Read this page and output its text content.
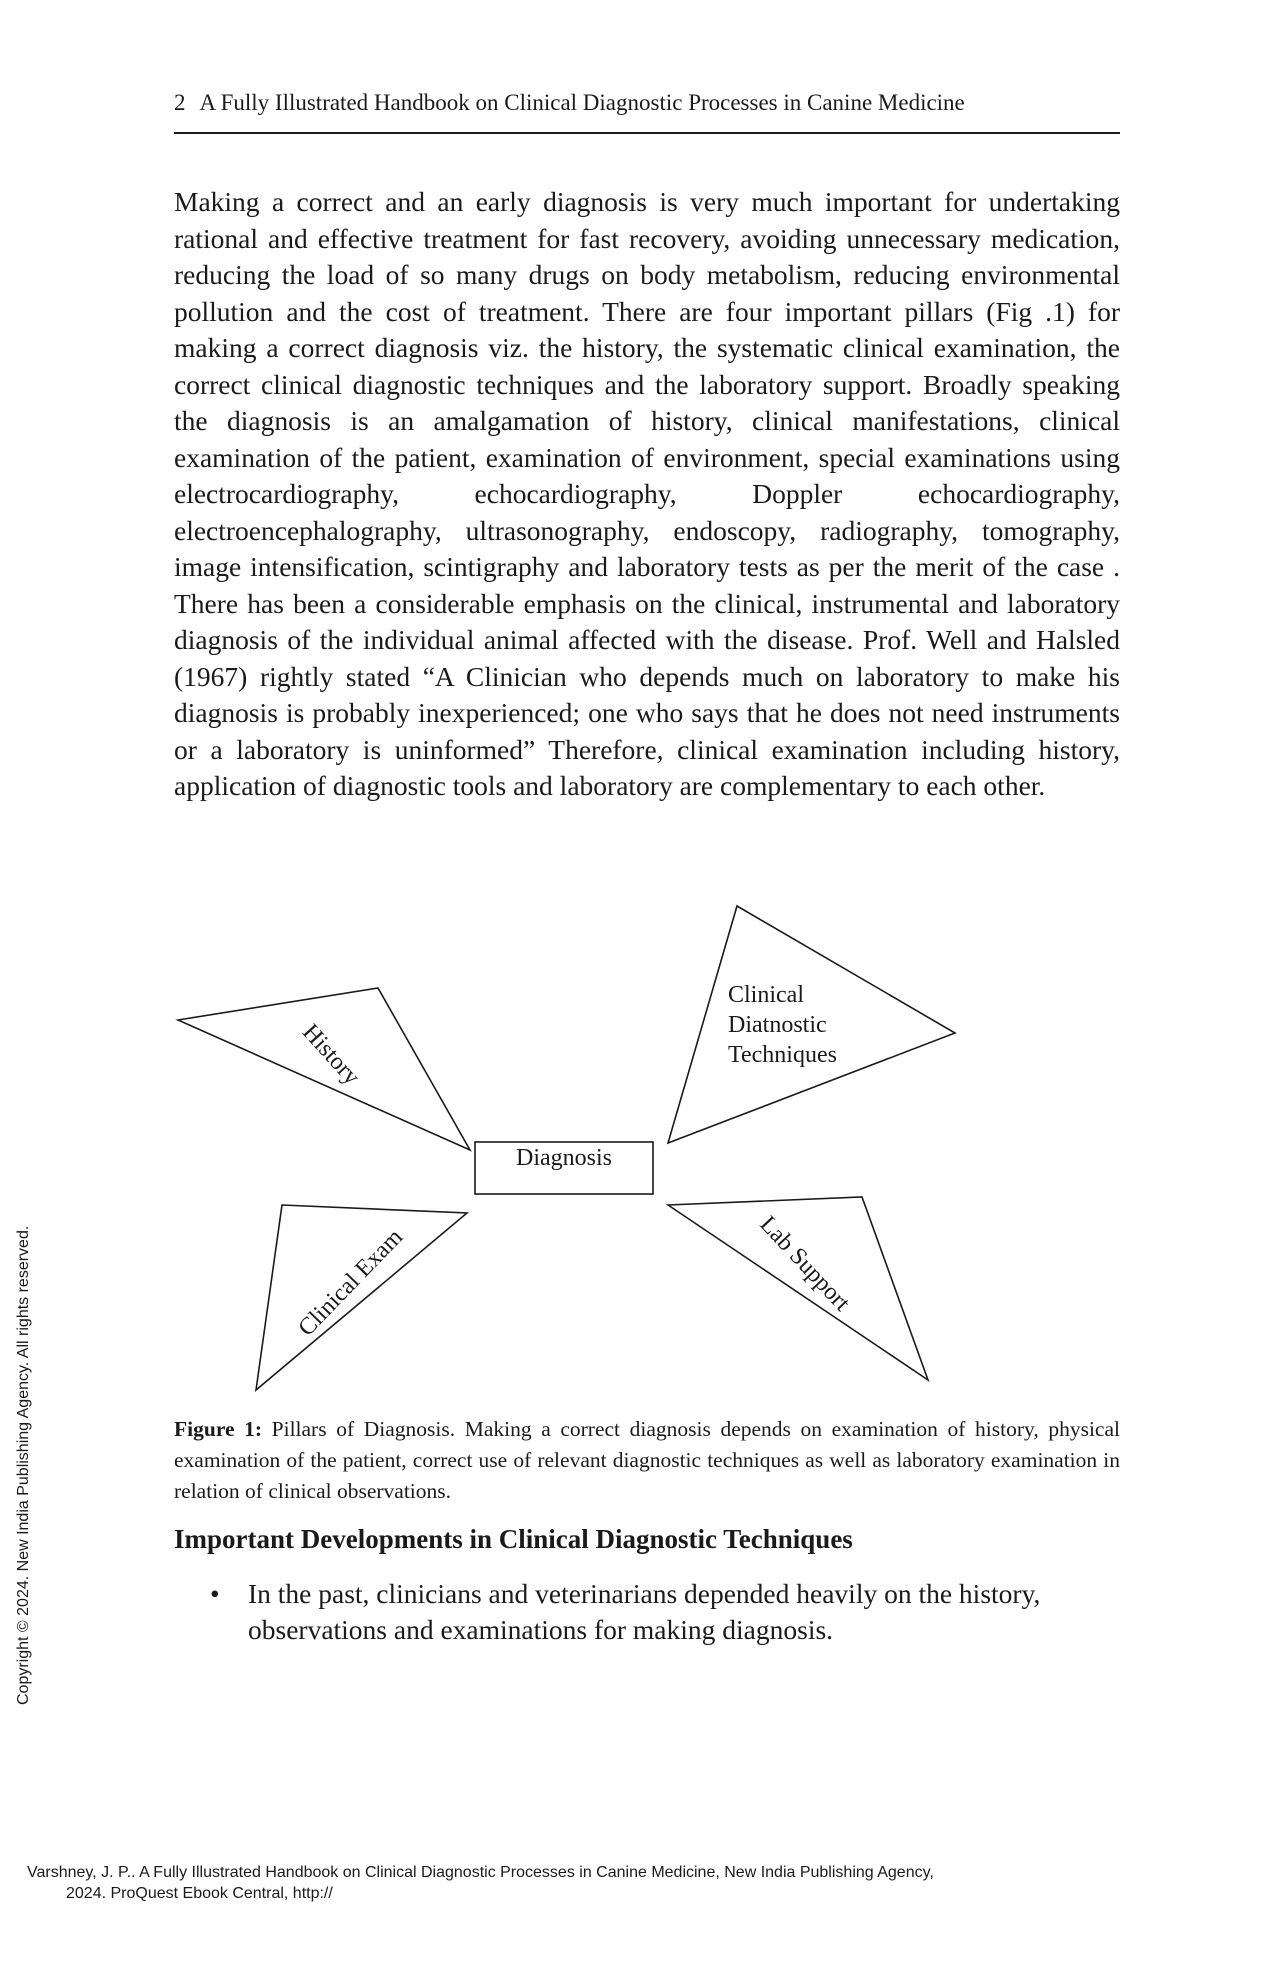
2 A Fully Illustrated Handbook on Clinical Diagnostic Processes in Canine Medicine

Making a correct and an early diagnosis is very much important for undertaking rational and effective treatment for fast recovery, avoiding unnecessary medication, reducing the load of so many drugs on body metabolism, reducing environmental pollution and the cost of treatment. There are four important pillars (Fig .1) for making a correct diagnosis viz. the history, the systematic clinical examination, the correct clinical diagnostic techniques and the laboratory support. Broadly speaking the diagnosis is an amalgamation of history, clinical manifestations, clinical examination of the patient, examination of environment, special examinations using electrocardiography, echocardiography, Doppler echocardiography, electroencephalography, ultrasonography, endoscopy, radiography, tomography, image intensification, scintigraphy and laboratory tests as per the merit of the case . There has been a considerable emphasis on the clinical, instrumental and laboratory diagnosis of the individual animal affected with the disease. Prof. Well and Halsled (1967) rightly stated “A Clinician who depends much on laboratory to make his diagnosis is probably inexperienced; one who says that he does not need instruments or a laboratory is uninformed” Therefore, clinical examination including history, application of diagnostic tools and laboratory are complementary to each other.

History
Clinical
Diatnostic
Techniques
Diagnosis
Clinical Exam	Lab Support

Figure 1: Pillars of Diagnosis. Making a correct diagnosis depends on examination of history, physical examination of the patient, correct use of relevant diagnostic techniques as well as laboratory examination in relation of clinical observations.

Important Developments in Clinical Diagnostic Techniques
• In the past, clinicians and veterinarians depended heavily on the history, observations and examinations for making diagnosis.
Copyright © 2024. New India Publishing Agency. All rights reserved.
Varshney, J. P.. A Fully Illustrated Handbook on Clinical Diagnostic Processes in Canine Medicine, New India Publishing Agency,
2024. ProQuest Ebook Central, http://
